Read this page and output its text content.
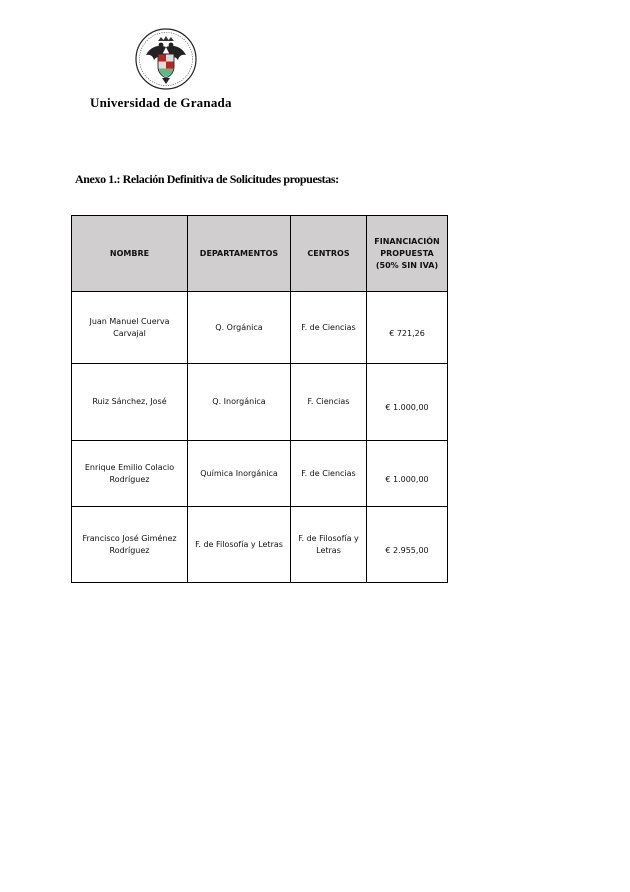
Universidad de Granada
Anexo 1.: Relación Definitiva de Solicitudes propuestas:
NOMBRE	DEPARTAMENTOS	CENTROS	FINANCIACIÓN PROPUESTA (50% SIN IVA)
Juan Manuel Cuerva Carvajal	Q. Orgánica	F. de Ciencias	€ 721,26
Ruiz Sánchez, José	Q. Inorgánica	F. Ciencias	€ 1.000,00
Enrique Emilio Colacio Rodríguez	Química Inorgánica	F. de Ciencias	€ 1.000,00
Francisco José Giménez Rodríguez	F. de Filosofía y Letras	F. de Filosofía y Letras	€ 2.955,00
